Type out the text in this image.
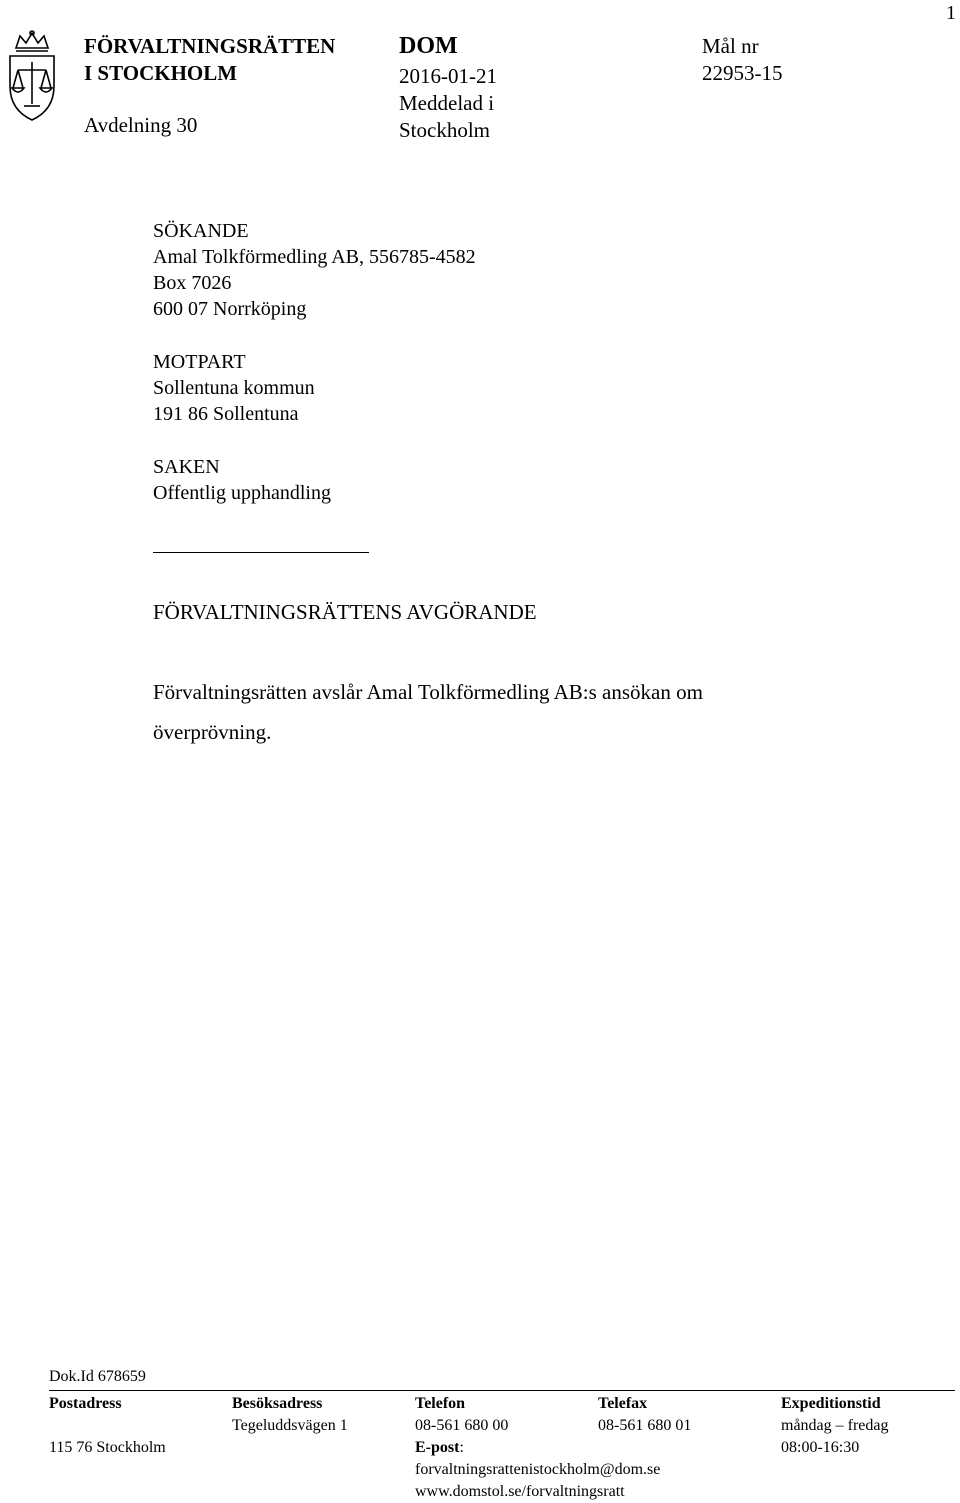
1
FÖRVALTNINGSRÄTTEN
I STOCKHOLM
Avdelning 30
DOM
2016-01-21
Meddelad i
Stockholm
Mål nr
22953-15
SÖKANDE
Amal Tolkförmedling AB, 556785-4582
Box 7026
600 07 Norrköping
MOTPART
Sollentuna kommun
191 86 Sollentuna
SAKEN
Offentlig upphandling
FÖRVALTNINGSRÄTTENS AVGÖRANDE
Förvaltningsrätten avslår Amal Tolkförmedling AB:s ansökan om
överprövning.
Dok.Id 678659
Postadress
115 76 Stockholm
Besöksadress
Tegeluddsvägen 1
Telefon
08-561 680 00
E-post:
forvaltningsrattenistockholm@dom.se
www.domstol.se/forvaltningsratt
Telefax
08-561 680 01
Expeditionstid
måndag – fredag
08:00-16:30
